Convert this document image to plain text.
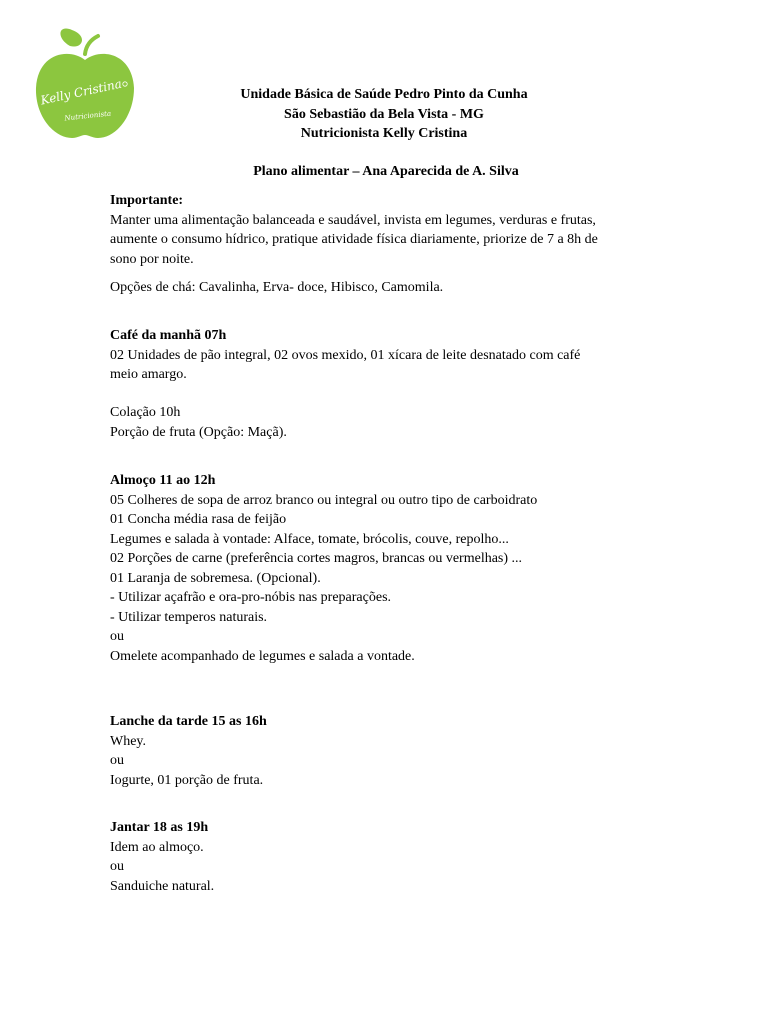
Kelly Cristina
Nutricionista
Unidade Básica de Saúde Pedro Pinto da Cunha
São Sebastião da Bela Vista - MG
Nutricionista Kelly Cristina
Plano alimentar – Ana Aparecida de A. Silva
Importante:
Manter uma alimentação balanceada e saudável, invista em legumes, verduras e frutas,
aumente o consumo hídrico, pratique atividade física diariamente, priorize de 7 a 8h de
sono por noite.
Opções de chá: Cavalinha, Erva- doce, Hibisco, Camomila.
Café da manhã 07h
02 Unidades de pão integral, 02 ovos mexido, 01 xícara de leite desnatado com café
meio amargo.
Colação 10h
Porção de fruta (Opção: Maçã).
Almoço 11 ao 12h
05 Colheres de sopa de arroz branco ou integral ou outro tipo de carboidrato
01 Concha média rasa de feijão
Legumes e salada à vontade: Alface, tomate, brócolis, couve, repolho...
02 Porções de carne (preferência cortes magros, brancas ou vermelhas) ...
01 Laranja de sobremesa. (Opcional).
- Utilizar açafrão e ora-pro-nóbis nas preparações.
- Utilizar temperos naturais.
ou
Omelete acompanhado de legumes e salada a vontade.
Lanche da tarde 15 as 16h
Whey.
ou
Iogurte, 01 porção de fruta.
Jantar 18 as 19h
Idem ao almoço.
ou
Sanduiche natural.
